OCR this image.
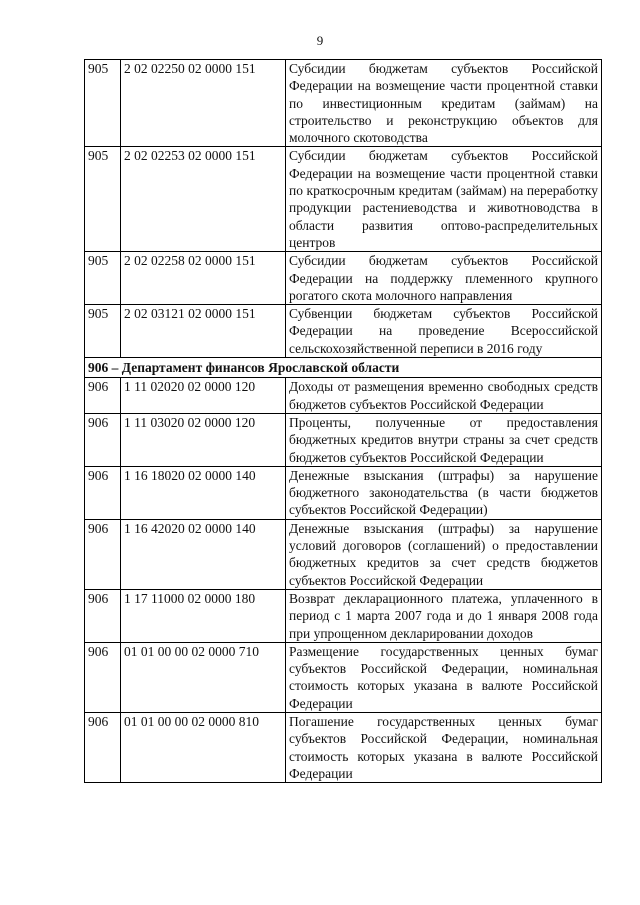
9
905	2 02 02250 02 0000 151	Субсидии бюджетам субъектов Российской Федерации на возмещение части процентной ставки по инвестиционным кредитам (займам) на строительство и реконструкцию объектов для молочного скотоводства
905	2 02 02253 02 0000 151	Субсидии бюджетам субъектов Российской Федерации на возмещение части процентной ставки по краткосрочным кредитам (займам) на переработку продукции растениеводства и животноводства в области развития оптово-распределительных центров
905	2 02 02258 02 0000 151	Субсидии бюджетам субъектов Российской Федерации на поддержку племенного крупного рогатого скота молочного направления
905	2 02 03121 02 0000 151	Субвенции бюджетам субъектов Российской Федерации на проведение Всероссийской сельскохозяйственной переписи в 2016 году
906 – Департамент финансов Ярославской области		
906	1 11 02020 02 0000 120	Доходы от размещения временно свободных средств бюджетов субъектов Российской Федерации
906	1 11 03020 02 0000 120	Проценты, полученные от предоставления бюджетных кредитов внутри страны за счет средств бюджетов субъектов Российской Федерации
906	1 16 18020 02 0000 140	Денежные взыскания (штрафы) за нарушение бюджетного законодательства (в части бюджетов субъектов Российской Федерации)
906	1 16 42020 02 0000 140	Денежные взыскания (штрафы) за нарушение условий договоров (соглашений) о предоставлении бюджетных кредитов за счет средств бюджетов субъектов Российской Федерации
906	1 17 11000 02 0000 180	Возврат декларационного платежа, уплаченного в период с 1 марта 2007 года и до 1 января 2008 года при упрощенном декларировании доходов
906	01 01 00 00 02 0000 710	Размещение государственных ценных бумаг субъектов Российской Федерации, номинальная стоимость которых указана в валюте Российской Федерации
906	01 01 00 00 02 0000 810	Погашение государственных ценных бумаг субъектов Российской Федерации, номинальная стоимость которых указана в валюте Российской Федерации
